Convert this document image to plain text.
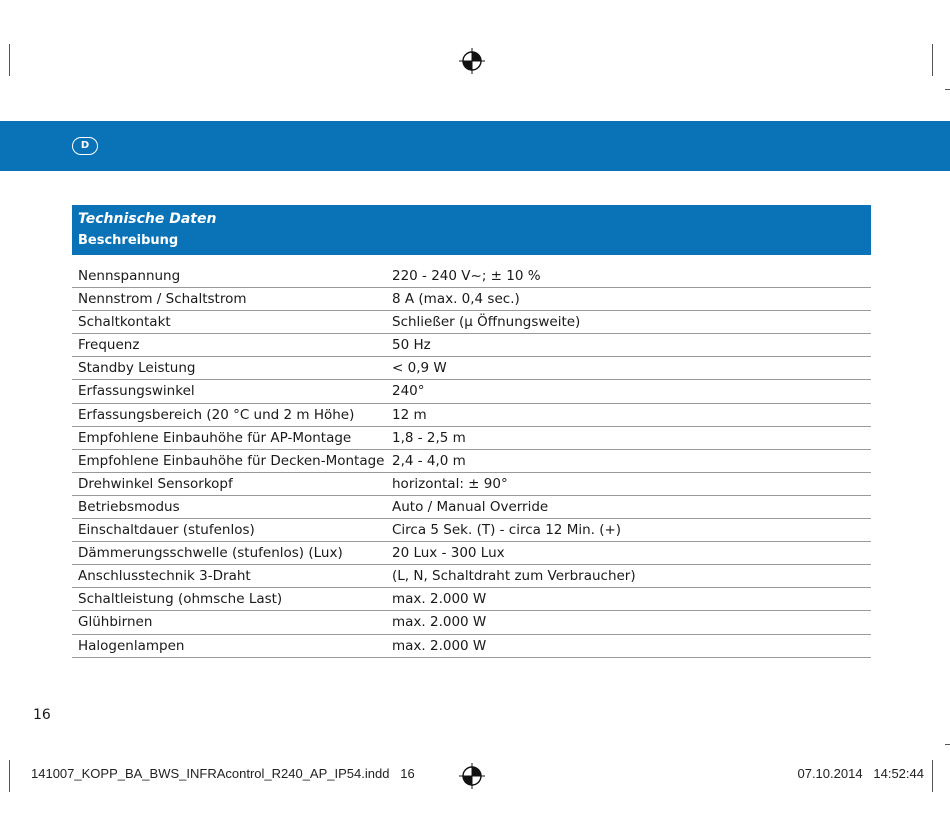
D
Technische Daten
Beschreibung
Nennspannung	220 - 240 V~; ± 10 %
Nennstrom / Schaltstrom	8 A (max. 0,4 sec.)
Schaltkontakt	Schließer (µ Öffnungsweite)
Frequenz	50 Hz
Standby Leistung	< 0,9 W
Erfassungswinkel	240°
Erfassungsbereich (20 °C und 2 m Höhe)	12 m
Empfohlene Einbauhöhe für AP-Montage	1,8 - 2,5 m
Empfohlene Einbauhöhe für Decken-Montage 2,4 - 4,0 m
Drehwinkel Sensorkopf	horizontal: ± 90°
Betriebsmodus	Auto / Manual Override
Einschaltdauer (stufenlos)	Circa 5 Sek. (T) - circa 12 Min. (+)
Dämmerungsschwelle (stufenlos) (Lux)	20 Lux - 300 Lux
Anschlusstechnik 3-Draht	(L, N, Schaltdraht zum Verbraucher)
Schaltleistung (ohmsche Last)	max. 2.000 W
Glühbirnen	max. 2.000 W
Halogenlampen	max. 2.000 W
16
141007_KOPP_BA_BWS_INFRAcontrol_R240_AP_IP54.indd   16	07.10.2014   14:52:44
